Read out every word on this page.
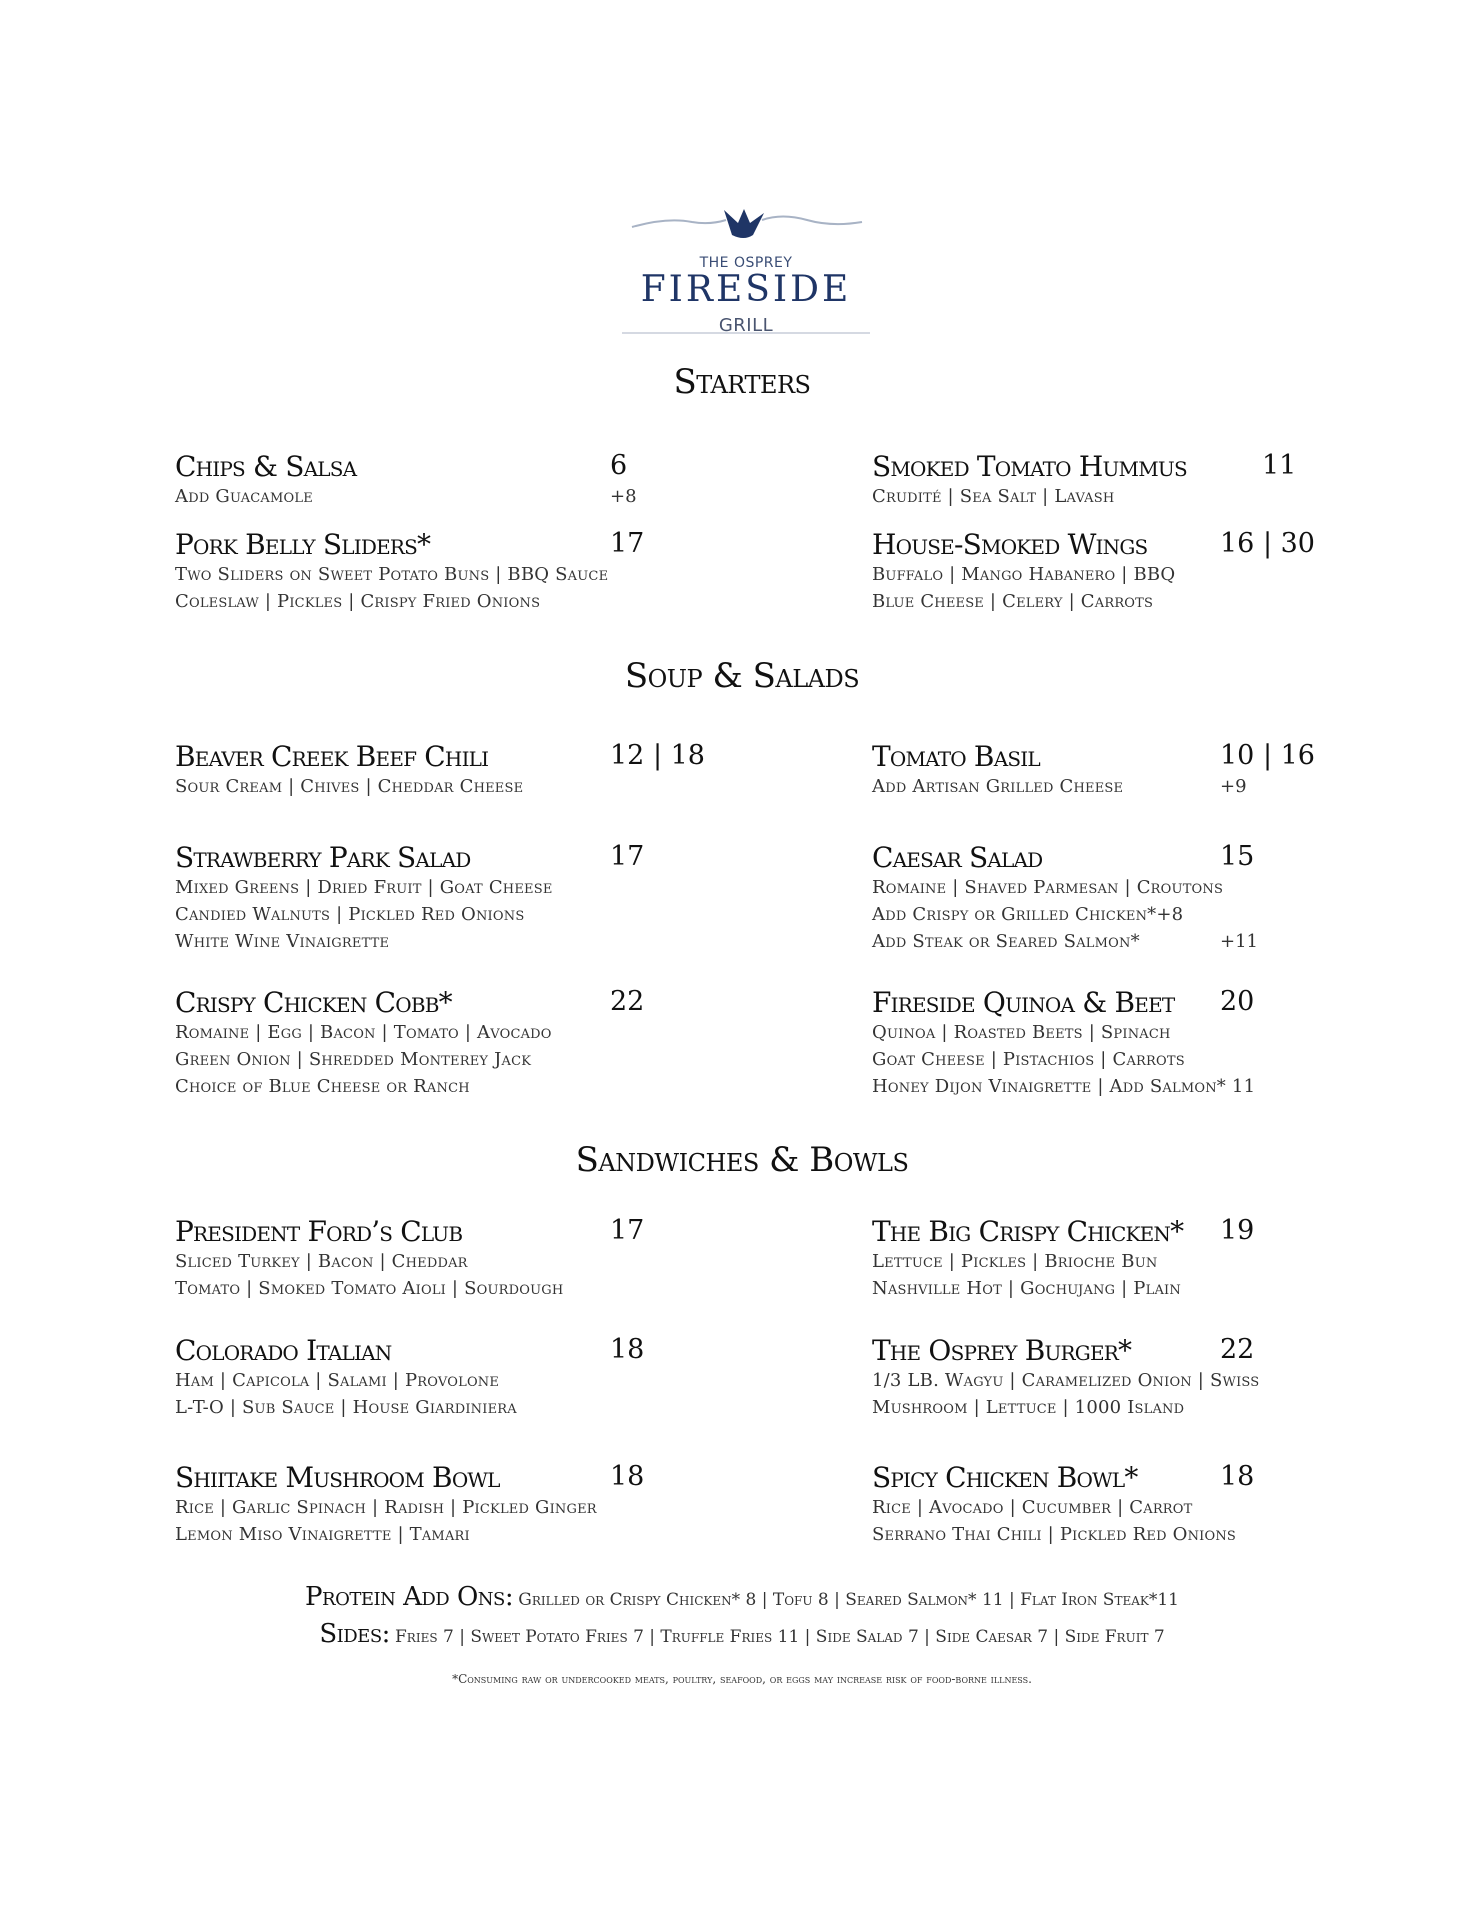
THE OSPREY
FIRESIDE
GRILL
Starters
Soup & Salads
Sandwiches & Bowls
Chips & Salsa	6
Add Guacamole	+8
Smoked Tomato Hummus	11
Crudité | Sea Salt | Lavash
Pork Belly Sliders*	17
Two Sliders on Sweet Potato Buns | BBQ Sauce
Coleslaw | Pickles | Crispy Fried Onions
House-Smoked Wings	16 | 30
Buffalo | Mango Habanero | BBQ
Blue Cheese | Celery | Carrots
Beaver Creek Beef Chili	12 | 18
Sour Cream | Chives | Cheddar Cheese
Tomato Basil	10 | 16
Add Artisan Grilled Cheese	+9
Strawberry Park Salad	17
Mixed Greens | Dried Fruit | Goat Cheese
Candied Walnuts | Pickled Red Onions
White Wine Vinaigrette
Caesar Salad	15
Romaine | Shaved Parmesan | Croutons
Add Crispy or Grilled Chicken*+8
Add Steak or Seared Salmon*	+11
Crispy Chicken Cobb*	22
Romaine | Egg | Bacon | Tomato | Avocado
Green Onion | Shredded Monterey Jack
Choice of Blue Cheese or Ranch
Fireside Quinoa & Beet 20
Quinoa | Roasted Beets | Spinach
Goat Cheese | Pistachios | Carrots
Honey Dijon Vinaigrette | Add Salmon* 11
President Ford’s Club	17
Sliced Turkey | Bacon | Cheddar
Tomato | Smoked Tomato Aioli | Sourdough
The Big Crispy Chicken* 19
Lettuce | Pickles | Brioche Bun
Nashville Hot | Gochujang | Plain
Colorado Italian	18
Ham | Capicola | Salami | Provolone
L-T-O | Sub Sauce | House Giardiniera
The Osprey Burger*	22
1/3 LB. Wagyu | Caramelized Onion | Swiss
Mushroom | Lettuce | 1000 Island
Shiitake Mushroom Bowl	18
Rice | Garlic Spinach | Radish | Pickled Ginger
Lemon Miso Vinaigrette | Tamari
Spicy Chicken Bowl*	18
Rice | Avocado | Cucumber | Carrot
Serrano Thai Chili | Pickled Red Onions
Protein Add Ons: Grilled or Crispy Chicken* 8 | Tofu 8 | Seared Salmon* 11 | Flat Iron Steak*11
Sides: Fries 7 | Sweet Potato Fries 7 | Truffle Fries 11 | Side Salad 7 | Side Caesar 7 | Side Fruit 7
*Consuming raw or undercooked meats, poultry, seafood, or eggs may increase risk of food-borne illness.
